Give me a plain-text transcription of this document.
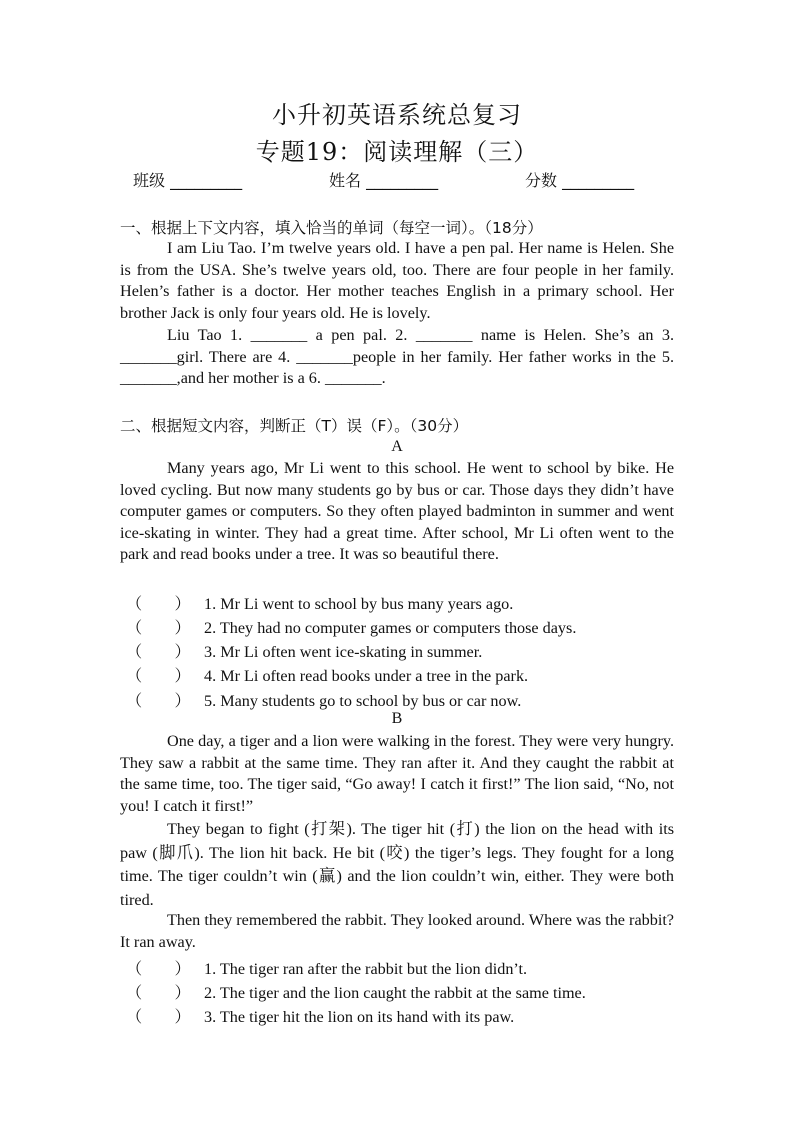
小升初英语系统总复习
专题19：阅读理解（三）
班级 _________	姓名 _________	分数 _________
一、根据上下文内容，填入恰当的单词（每空一词）。（18分）

I am Liu Tao. I’m twelve years old. I have a pen pal. Her name is Helen. She is from the USA. She’s twelve years old, too. There are four people in her family. Helen’s father is a doctor. Her mother teaches English in a primary school. Her brother Jack is only four years old. He is lovely.

Liu Tao 1. _______ a pen pal. 2. _______ name is Helen. She’s an 3. _______girl. There are 4. _______people in her family. Her father works in the 5. _______,and her mother is a 6. _______.

二、根据短文内容，判断正（T）误（F）。（30分）
A

Many years ago, Mr Li went to this school. He went to school by bike. He loved cycling. But now many students go by bus or car. Those days they didn’t have computer games or computers. So they often played badminton in summer and went ice-skating in winter. They had a great time. After school, Mr Li often went to the park and read books under a tree. It was so beautiful there.

（　　） 1. Mr Li went to school by bus many years ago.
（　　） 2. They had no computer games or computers those days.
（　　） 3. Mr Li often went ice-skating in summer.
（　　） 4. Mr Li often read books under a tree in the park.
（　　） 5. Many students go to school by bus or car now.
B

One day, a tiger and a lion were walking in the forest. They were very hungry. They saw a rabbit at the same time. They ran after it. And they caught the rabbit at the same time, too. The tiger said, “Go away! I catch it first!” The lion said, “No, not you! I catch it first!”

They began to fight (打架). The tiger hit (打) the lion on the head with its paw (脚爪). The lion hit back. He bit (咬) the tiger’s legs. They fought for a long time. The tiger couldn’t win (赢) and the lion couldn’t win, either. They were both tired.

Then they remembered the rabbit. They looked around. Where was the rabbit? It ran away.

（　　） 1. The tiger ran after the rabbit but the lion didn’t.
（　　） 2. The tiger and the lion caught the rabbit at the same time.
（　　） 3. The tiger hit the lion on its hand with its paw.
